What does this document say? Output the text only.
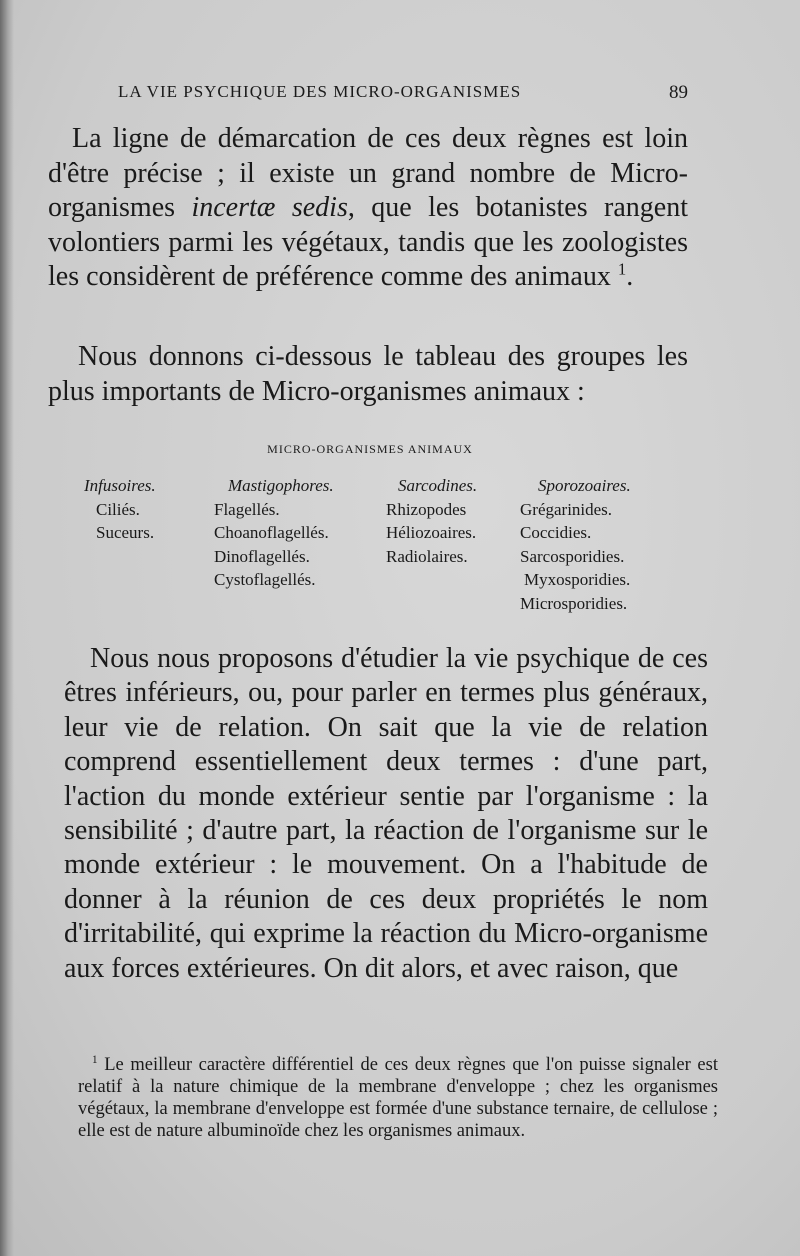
LA VIE PSYCHIQUE DES MICRO-ORGANISMES	89

La ligne de démarcation de ces deux règnes est loin d'être précise ; il existe un grand nombre de Micro-organismes incertæ sedis, que les botanistes rangent volontiers parmi les végétaux, tandis que les zoologistes les considèrent de préférence comme des animaux $^1$.

Nous donnons ci-dessous le tableau des groupes les plus importants de Micro-organismes animaux :

MICRO-ORGANISMES ANIMAUX
Infusoires.
Ciliés.
Suceurs.
Mastigophores.
Flagellés.
Choanoflagellés.
Dinoflagellés.
Cystoflagellés.
Sarcodines.
Rhizopodes
Héliozoaires.
Radiolaires.
Sporozoaires.
Grégarinides.
Coccidies.
Sarcosporidies.
Myxosporidies.
Microsporidies.

Nous nous proposons d'étudier la vie psychique de ces êtres inférieurs, ou, pour parler en termes plus généraux, leur vie de relation. On sait que la vie de relation comprend essentiellement deux termes : d'une part, l'action du monde extérieur sentie par l'organisme : la sensibilité ; d'autre part, la réaction de l'organisme sur le monde extérieur : le mouvement. On a l'habitude de donner à la réunion de ces deux propriétés le nom d'irritabilité, qui exprime la réaction du Micro-organisme aux forces extérieures. On dit alors, et avec raison, que

$^1$ Le meilleur caractère différentiel de ces deux règnes que l'on puisse signaler est relatif à la nature chimique de la membrane d'enveloppe ; chez les organismes végétaux, la membrane d'enveloppe est formée d'une substance ternaire, de cellulose ; elle est de nature albuminoïde chez les organismes animaux.
